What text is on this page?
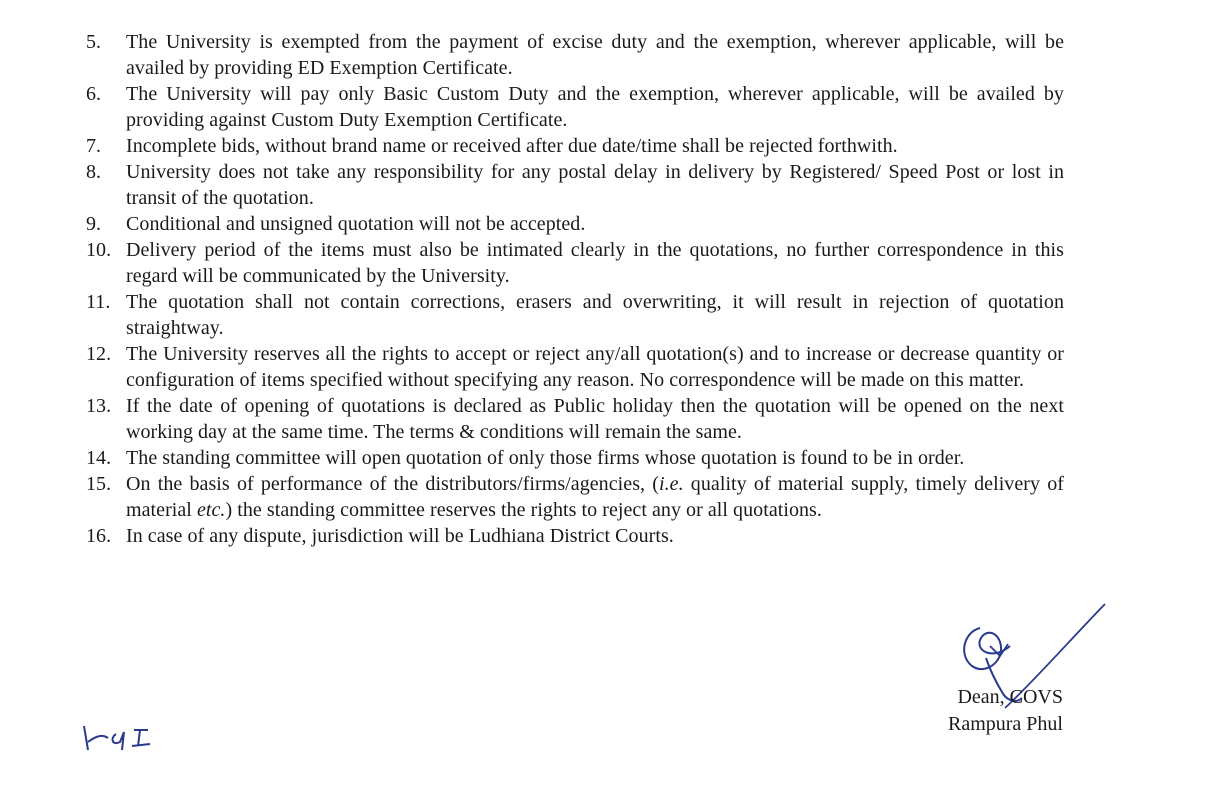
5. The University is exempted from the payment of excise duty and the exemption, wherever applicable, will be availed by providing ED Exemption Certificate.
6. The University will pay only Basic Custom Duty and the exemption, wherever applicable, will be availed by providing against Custom Duty Exemption Certificate.
7. Incomplete bids, without brand name or received after due date/time shall be rejected forthwith.
8. University does not take any responsibility for any postal delay in delivery by Registered/ Speed Post or lost in transit of the quotation.
9. Conditional and unsigned quotation will not be accepted.
10. Delivery period of the items must also be intimated clearly in the quotations, no further correspondence in this regard will be communicated by the University.
11. The quotation shall not contain corrections, erasers and overwriting, it will result in rejection of quotation straightway.
12. The University reserves all the rights to accept or reject any/all quotation(s) and to increase or decrease quantity or configuration of items specified without specifying any reason. No correspondence will be made on this matter.
13. If the date of opening of quotations is declared as Public holiday then the quotation will be opened on the next working day at the same time. The terms & conditions will remain the same.
14. The standing committee will open quotation of only those firms whose quotation is found to be in order.
15. On the basis of performance of the distributors/firms/agencies, (i.e. quality of material supply, timely delivery of material etc.) the standing committee reserves the rights to reject any or all quotations.
16. In case of any dispute, jurisdiction will be Ludhiana District Courts.
Dean, COVS
Rampura Phul
